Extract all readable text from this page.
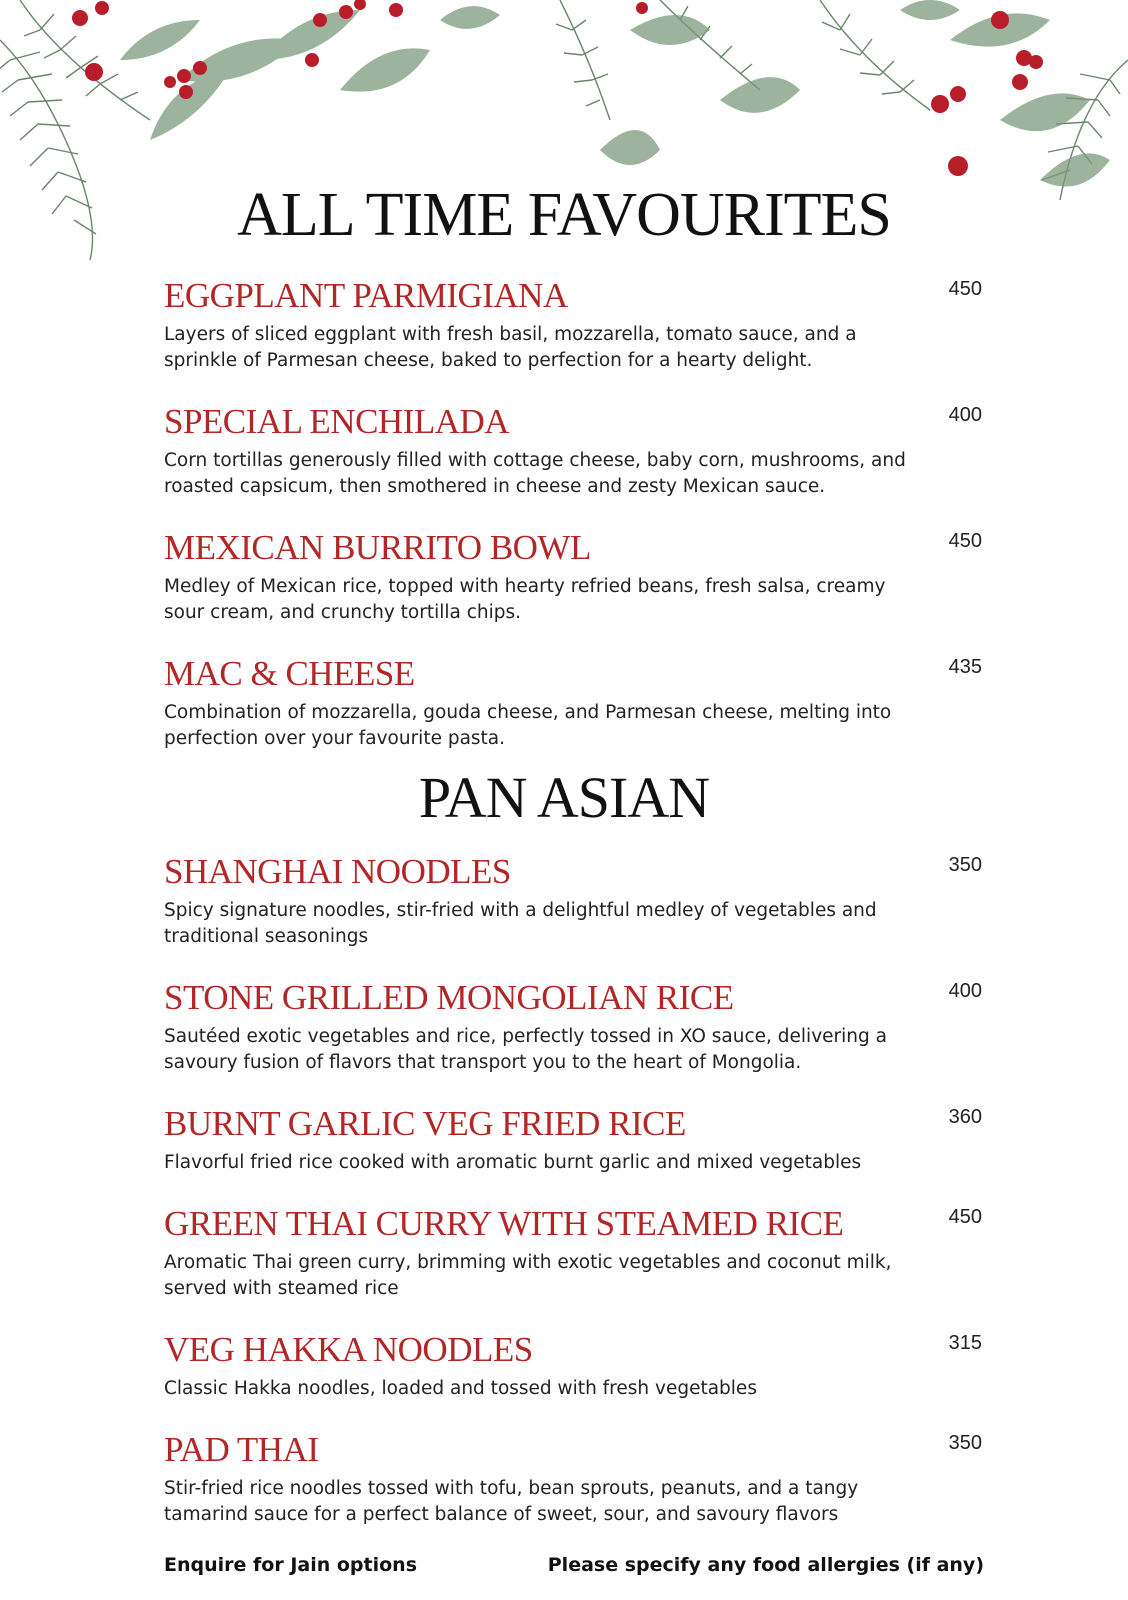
ALL TIME FAVOURITES
EGGPLANT PARMIGIANA	450

Layers of sliced eggplant with fresh basil, mozzarella, tomato sauce, and a sprinkle of Parmesan cheese, baked to perfection for a hearty delight.

SPECIAL ENCHILADA	400

Corn tortillas generously filled with cottage cheese, baby corn, mushrooms, and roasted capsicum, then smothered in cheese and zesty Mexican sauce.

MEXICAN BURRITO BOWL	450

Medley of Mexican rice, topped with hearty refried beans, fresh salsa, creamy sour cream, and crunchy tortilla chips.

MAC & CHEESE	435

Combination of mozzarella, gouda cheese, and Parmesan cheese, melting into perfection over your favourite pasta.

PAN ASIAN
SHANGHAI NOODLES	350

Spicy signature noodles, stir-fried with a delightful medley of vegetables and traditional seasonings

STONE GRILLED MONGOLIAN RICE	400

Sautéed exotic vegetables and rice, perfectly tossed in XO sauce, delivering a savoury fusion of flavors that transport you to the heart of Mongolia.

BURNT GARLIC VEG FRIED RICE	360

Flavorful fried rice cooked with aromatic burnt garlic and mixed vegetables

GREEN THAI CURRY WITH STEAMED RICE	450

Aromatic Thai green curry, brimming with exotic vegetables and coconut milk, served with steamed rice

VEG HAKKA NOODLES	315

Classic Hakka noodles, loaded and tossed with fresh vegetables

PAD THAI	350

Stir-fried rice noodles tossed with tofu, bean sprouts, peanuts, and a tangy tamarind sauce for a perfect balance of sweet, sour, and savoury flavors

Enquire for Jain options	Please specify any food allergies (if any)
